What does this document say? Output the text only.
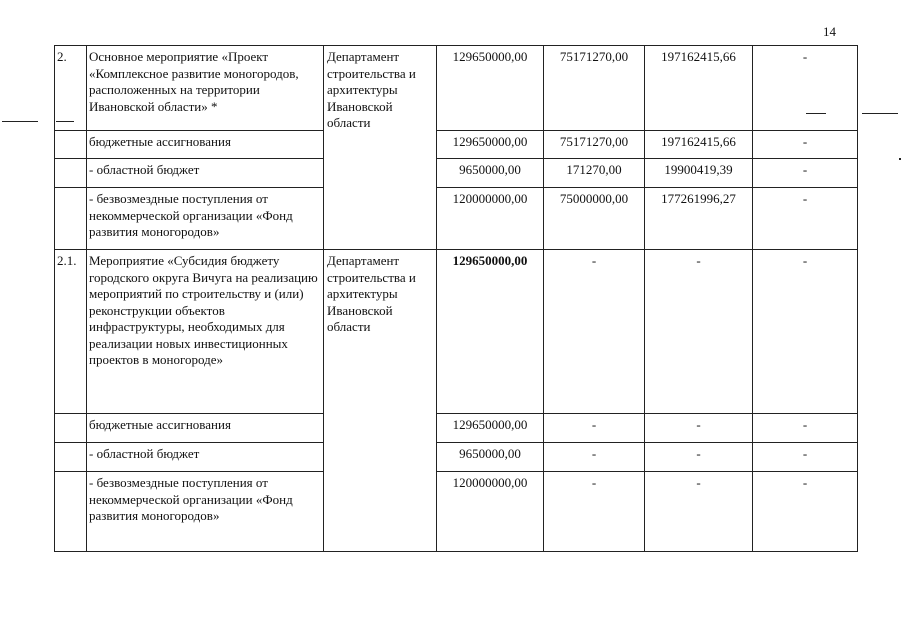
14
2.	Основное мероприятие «Проект «Комплексное развитие моногородов, расположенных на территории Ивановской области» *	Департамент строительства и архитектуры Ивановской области	129650000,00	75171270,00	197162415,66	-
	бюджетные ассигнования		129650000,00	75171270,00	197162415,66	-
	- областной бюджет		9650000,00	171270,00	19900419,39	-
	- безвозмездные поступления от некоммерческой организации «Фонд развития моногородов»		120000000,00	75000000,00	177261996,27	-
2.1.	Мероприятие «Субсидия бюджету городского округа Вичуга на реализацию мероприятий по строительству и (или) реконструкции объектов инфраструктуры, необходимых для реализации новых инвестиционных проектов в моногороде»	Департамент строительства и архитектуры Ивановской области	129650000,00	-	-	-
	бюджетные ассигнования		129650000,00	-	-	-
	- областной бюджет		9650000,00	-	-	-
	- безвозмездные поступления от некоммерческой организации «Фонд развития моногородов»		120000000,00	-	-	-
